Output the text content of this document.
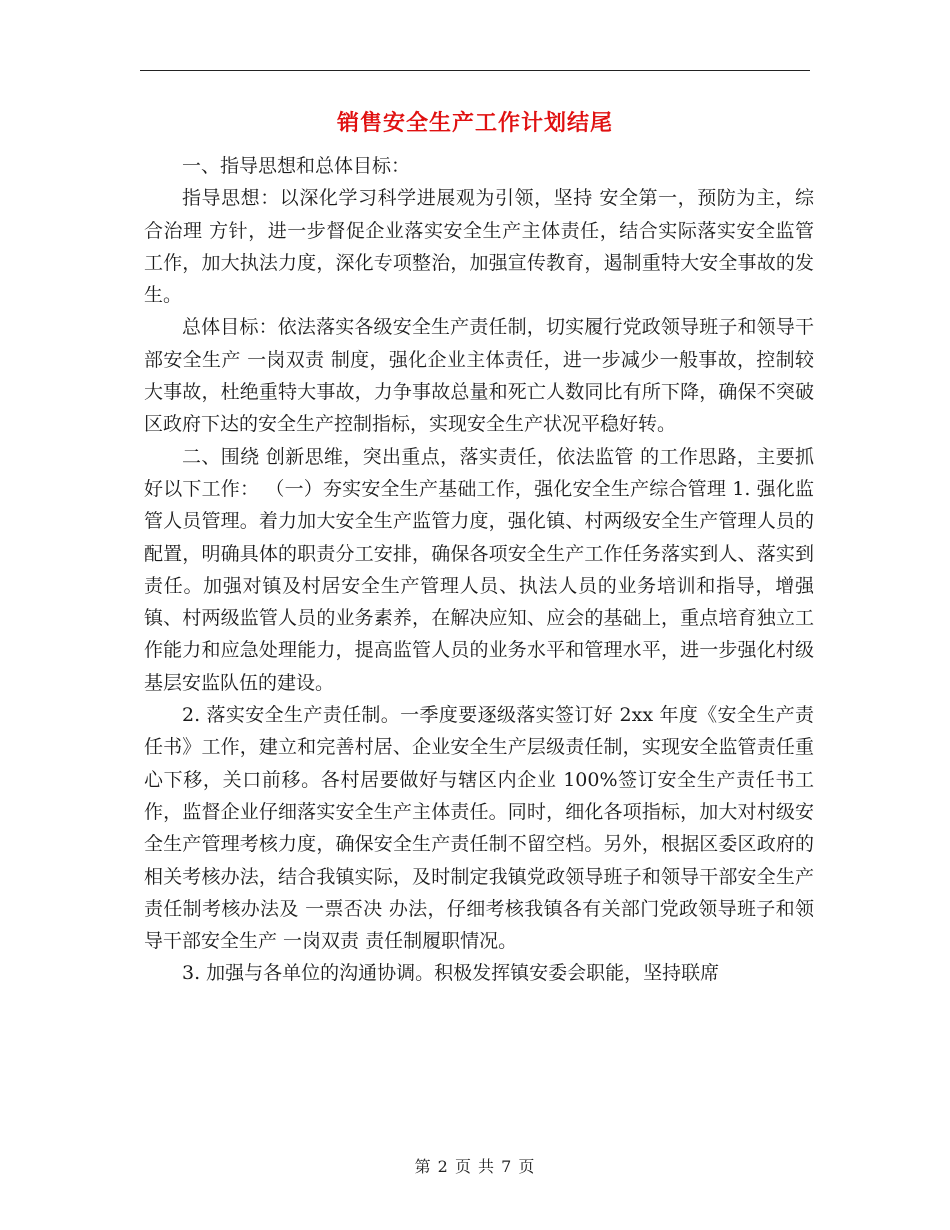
销售安全生产工作计划结尾

一、指导思想和总体目标：

指导思想：以深化学习科学进展观为引领，坚持 安全第一，预防为主，综合治理 方针，进一步督促企业落实安全生产主体责任，结合实际落实安全监管工作，加大执法力度，深化专项整治，加强宣传教育，遏制重特大安全事故的发生。

总体目标：依法落实各级安全生产责任制，切实履行党政领导班子和领导干部安全生产 一岗双责 制度，强化企业主体责任，进一步减少一般事故，控制较大事故，杜绝重特大事故，力争事故总量和死亡人数同比有所下降，确保不突破区政府下达的安全生产控制指标，实现安全生产状况平稳好转。

二、围绕 创新思维，突出重点，落实责任，依法监管 的工作思路，主要抓好以下工作： （一）夯实安全生产基础工作，强化安全生产综合管理 1. 强化监管人员管理。着力加大安全生产监管力度，强化镇、村两级安全生产管理人员的配置，明确具体的职责分工安排，确保各项安全生产工作任务落实到人、落实到责任。加强对镇及村居安全生产管理人员、执法人员的业务培训和指导，增强镇、村两级监管人员的业务素养，在解决应知、应会的基础上，重点培育独立工作能力和应急处理能力，提高监管人员的业务水平和管理水平，进一步强化村级基层安监队伍的建设。

2. 落实安全生产责任制。一季度要逐级落实签订好 2xx 年度《安全生产责任书》工作，建立和完善村居、企业安全生产层级责任制，实现安全监管责任重心下移，关口前移。各村居要做好与辖区内企业 100%签订安全生产责任书工作，监督企业仔细落实安全生产主体责任。同时，细化各项指标，加大对村级安全生产管理考核力度，确保安全生产责任制不留空档。另外，根据区委区政府的相关考核办法，结合我镇实际，及时制定我镇党政领导班子和领导干部安全生产责任制考核办法及 一票否决 办法，仔细考核我镇各有关部门党政领导班子和领导干部安全生产 一岗双责 责任制履职情况。

3. 加强与各单位的沟通协调。积极发挥镇安委会职能，坚持联席

第 2 页 共 7 页
